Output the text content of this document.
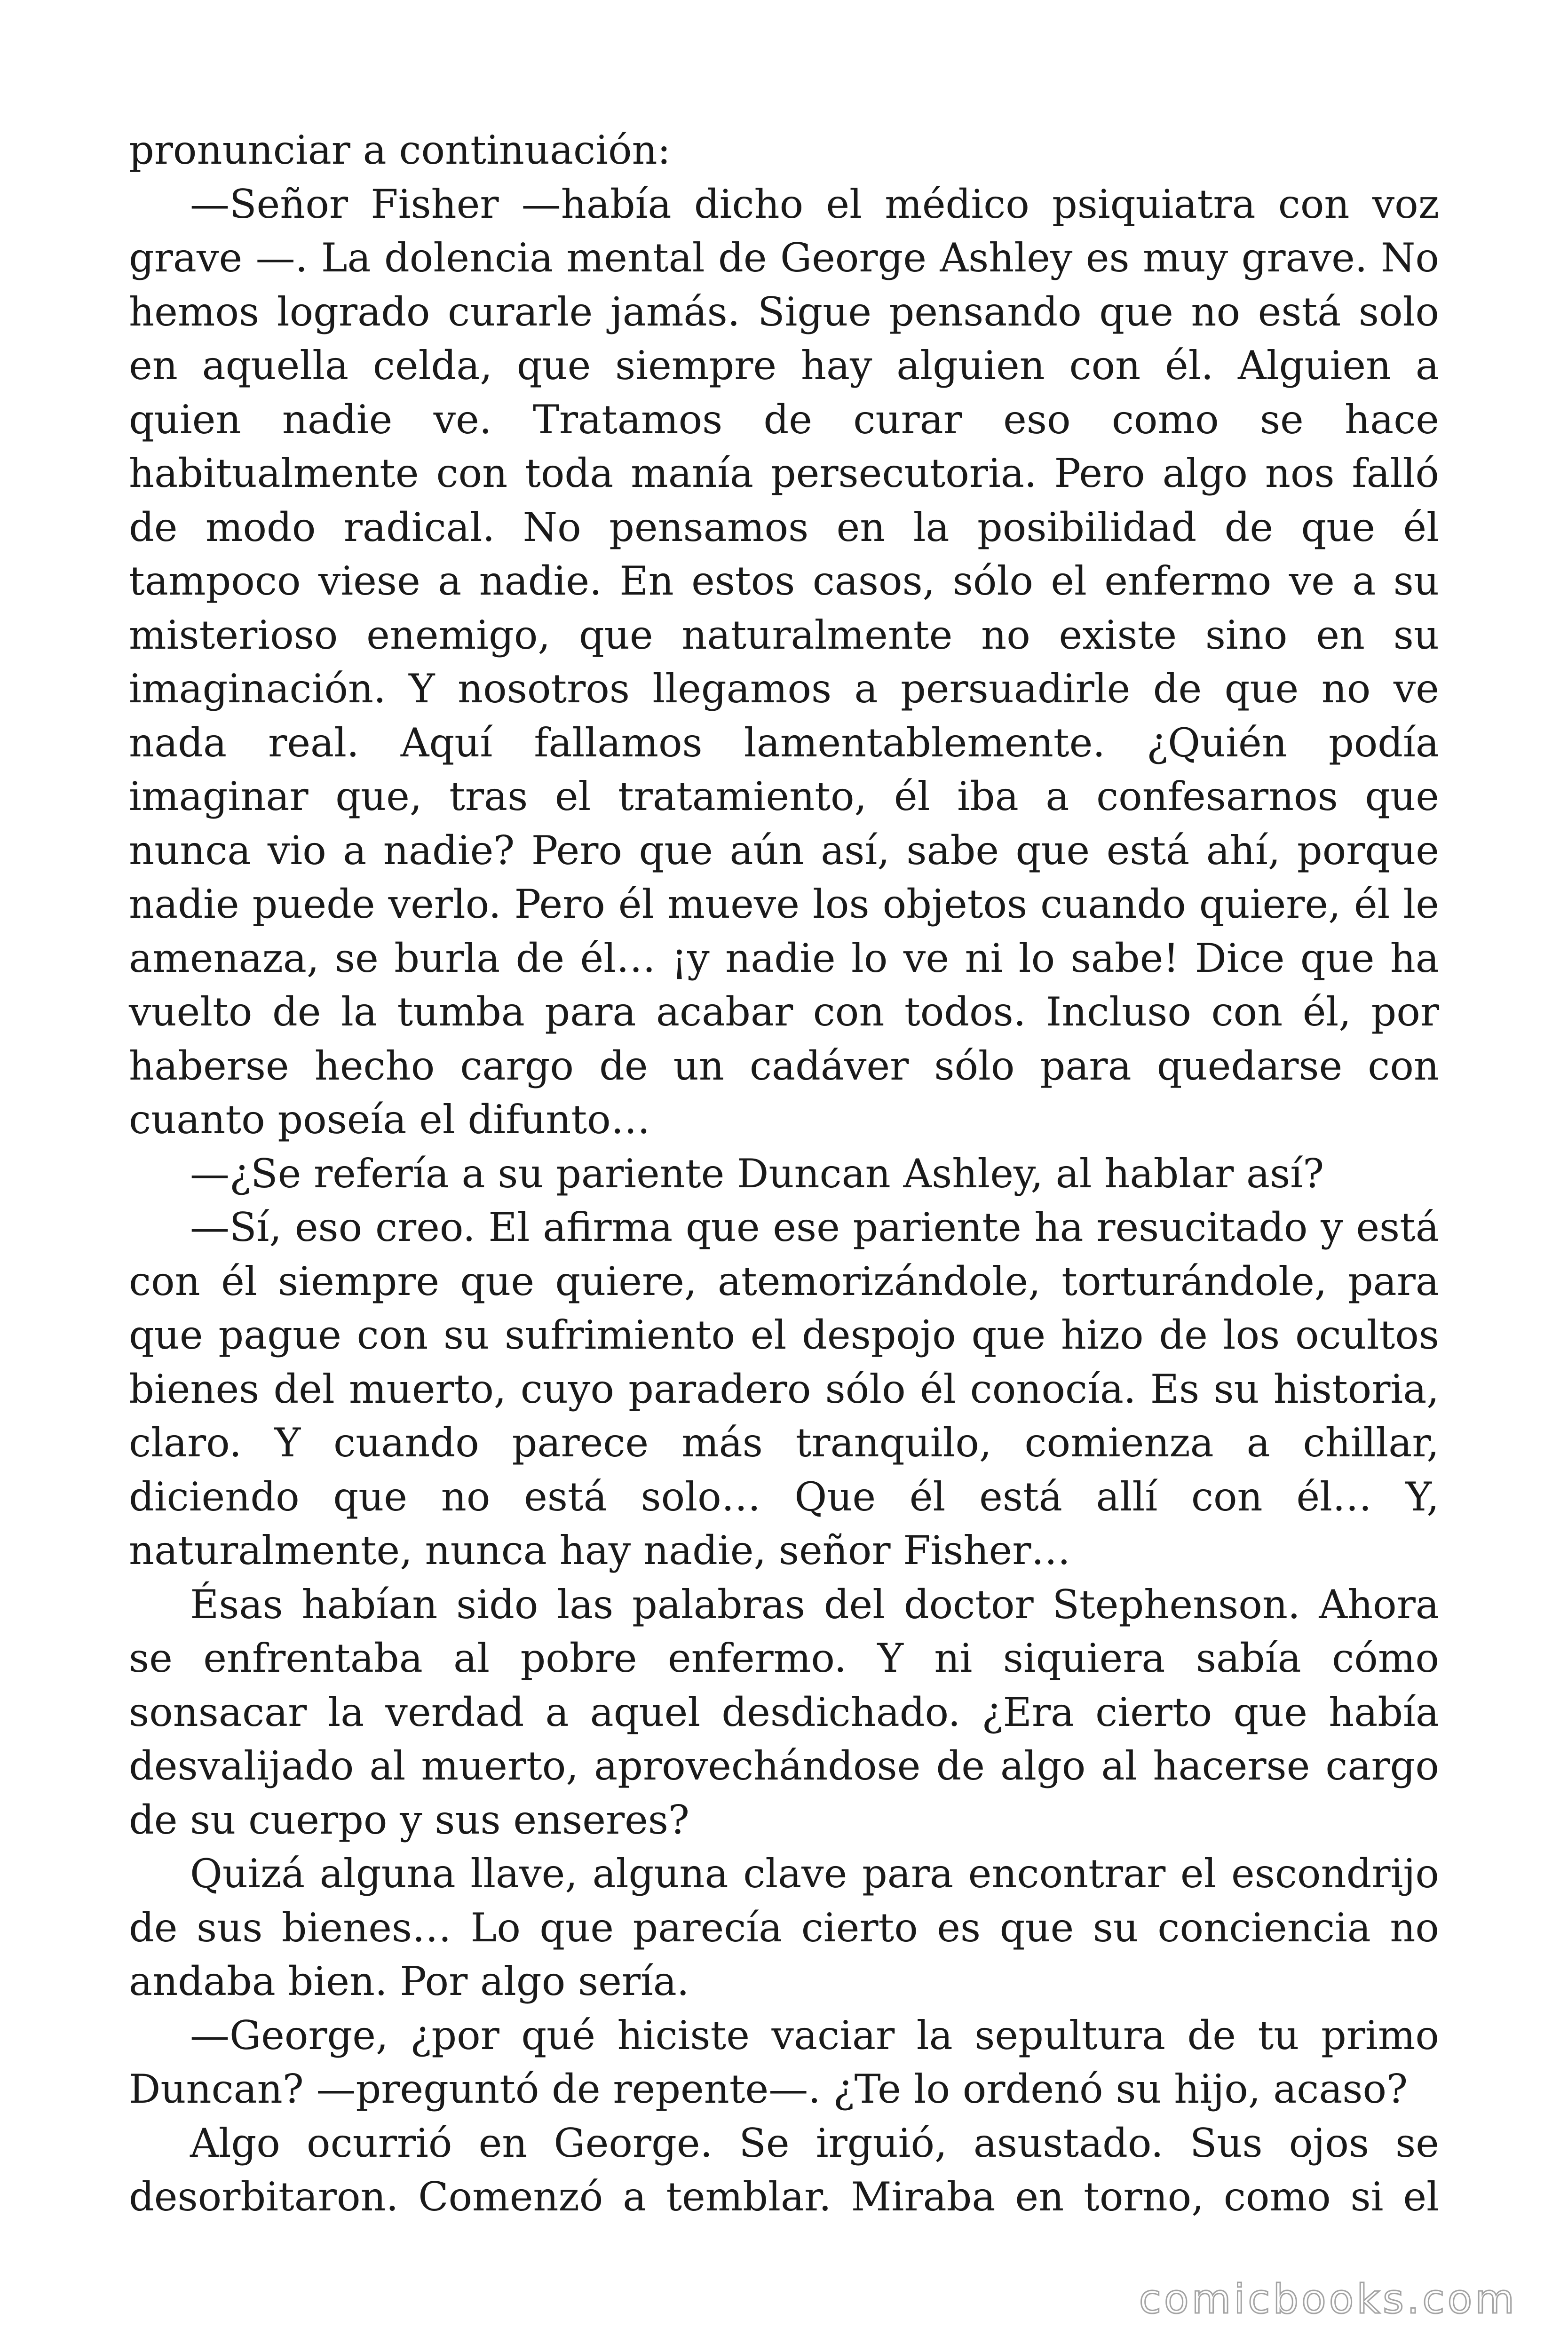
pronunciar a continuación:

—Señor Fisher —había dicho el médico psiquiatra con voz grave —. La dolencia mental de George Ashley es muy grave. No hemos logrado curarle jamás. Sigue pensando que no está solo en aquella celda, que siempre hay alguien con él. Alguien a quien nadie ve. Tratamos de curar eso como se hace habitualmente con toda manía persecutoria. Pero algo nos falló de modo radical. No pensamos en la posibilidad de que él tampoco viese a nadie. En estos casos, sólo el enfermo ve a su misterioso enemigo, que naturalmente no existe sino en su imaginación. Y nosotros llegamos a persuadirle de que no ve nada real. Aquí fallamos lamentablemente. ¿Quién podía imaginar que, tras el tratamiento, él iba a confesarnos que nunca vio a nadie? Pero que aún así, sabe que está ahí, porque nadie puede verlo. Pero él mueve los objetos cuando quiere, él le amenaza, se burla de él… ¡y nadie lo ve ni lo sabe! Dice que ha vuelto de la tumba para acabar con todos. Incluso con él, por haberse hecho cargo de un cadáver sólo para quedarse con cuanto poseía el difunto…

—¿Se refería a su pariente Duncan Ashley, al hablar así?

—Sí, eso creo. El afirma que ese pariente ha resucitado y está con él siempre que quiere, atemorizándole, torturándole, para que pague con su sufrimiento el despojo que hizo de los ocultos bienes del muerto, cuyo paradero sólo él conocía. Es su historia, claro. Y cuando parece más tranquilo, comienza a chillar, diciendo que no está solo… Que él está allí con él… Y, naturalmente, nunca hay nadie, señor Fisher…

Ésas habían sido las palabras del doctor Stephenson. Ahora se enfrentaba al pobre enfermo. Y ni siquiera sabía cómo sonsacar la verdad a aquel desdichado. ¿Era cierto que había desvalijado al muerto, aprovechándose de algo al hacerse cargo de su cuerpo y sus enseres?

Quizá alguna llave, alguna clave para encontrar el escondrijo de sus bienes… Lo que parecía cierto es que su conciencia no andaba bien. Por algo sería.

—George, ¿por qué hiciste vaciar la sepultura de tu primo Duncan? —preguntó de repente—. ¿Te lo ordenó su hijo, acaso?

Algo ocurrió en George. Se irguió, asustado. Sus ojos se desorbitaron. Comenzó a temblar. Miraba en torno, como si el

comicbooks.com
